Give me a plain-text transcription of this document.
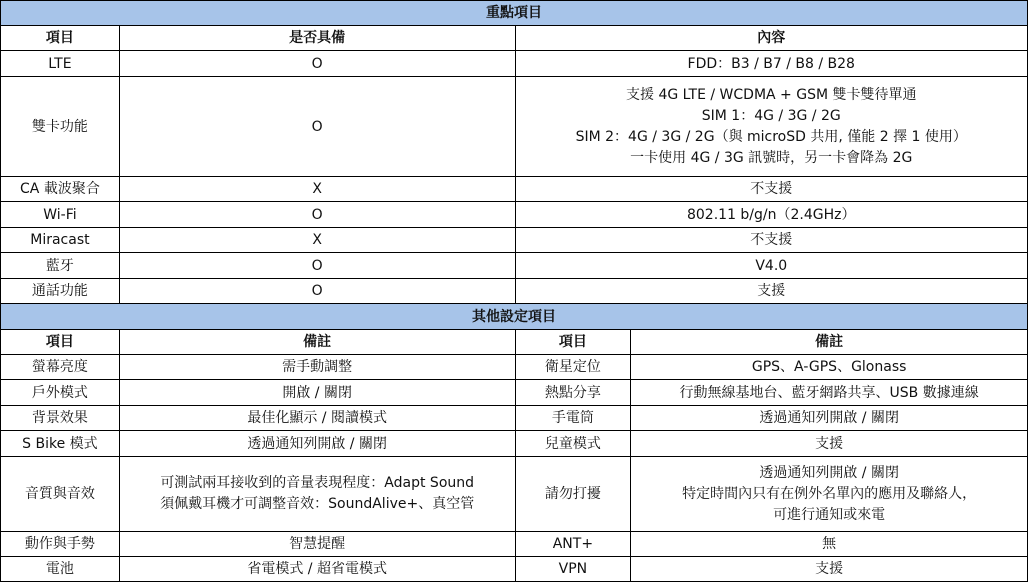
重點項目			
項目	是否具備	內容	
LTE	O	FDD：B3 / B7 / B8 / B28	
雙卡功能	O	支援 4G LTE / WCDMA + GSM 雙卡雙待單通
SIM 1：4G / 3G / 2G
SIM 2：4G / 3G / 2G（與 microSD 共用, 僅能 2 擇 1 使用）
一卡使用 4G / 3G 訊號時，另一卡會降為 2G	

CA 載波聚合	X	不支援	
Wi-Fi	O	802.11 b/g/n（2.4GHz）	
Miracast	X	不支援	
藍牙	O	V4.0	
通話功能	O	支援	
其他設定項目			
項目	備註	項目	備註
螢幕亮度	需手動調整	衛星定位	GPS、A-GPS、Glonass
戶外模式	開啟 / 關閉	熱點分享	行動無線基地台、藍牙網路共享、USB 數據連線
背景效果	最佳化顯示 / 閱讀模式	手電筒	透過通知列開啟 / 關閉
S Bike 模式	透過通知列開啟 / 關閉	兒童模式	支援
音質與音效	可測試兩耳接收到的音量表現程度：Adapt Sound
須佩戴耳機才可調整音效：SoundAlive+、真空管	請勿打擾	透過通知列開啟 / 關閉
特定時間內只有在例外名單內的應用及聯絡人，
可進行通知或來電

動作與手勢	智慧提醒	ANT+	無
電池	省電模式 / 超省電模式	VPN	支援
